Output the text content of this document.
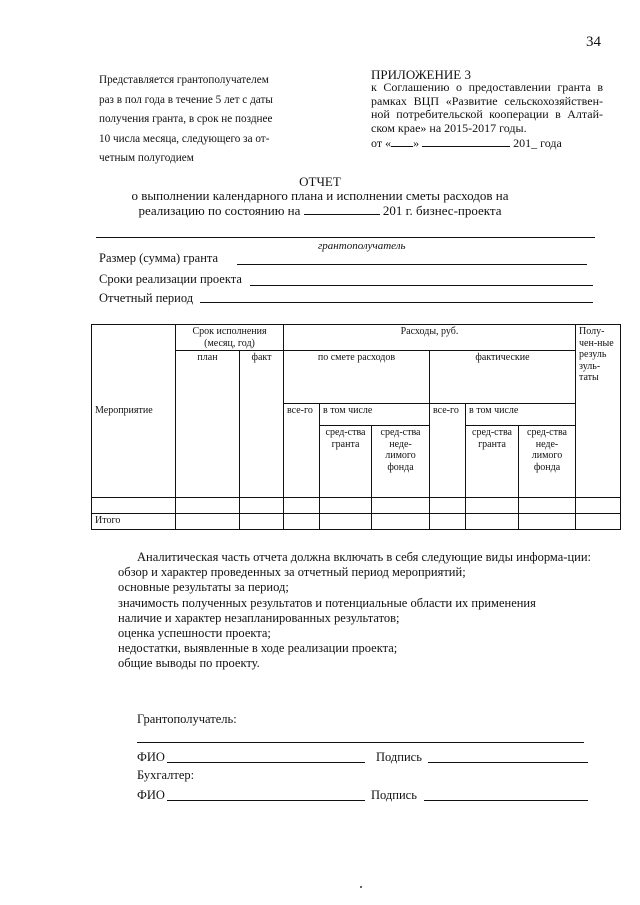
34
Представляется грантополучателем
раз в пол года в течение 5 лет с даты
получения гранта, в срок не позднее
10 числа месяца, следующего за от-
четным полугодием
ПРИЛОЖЕНИЕ 3
к Соглашению о предоставлении гранта в рамках ВЦП «Развитие сельскохозяйствен-ной потребительской кооперации в Алтай-ском крае» на 2015-2017 годы.
от « »	201_ года
ОТЧЕТ
о выполнении календарного плана и исполнении сметы расходов на
реализацию по состоянию на	201 г. бизнес-проекта
грантополучатель
Размер (сумма) гранта
Сроки реализации проекта
Отчетный период
Мероприятие	Срок исполнения (месяц, год)		Расходы, руб.						Полу-чен-ные резуль зуль-таты
	план	факт	по смете расходов			фактические			
			все-го	в том числе		все-го	в том числе		
				сред-ства гранта	сред-ства неде-лимого фонда		сред-ства гранта	сред-ства неде-лимого фонда	

Итого									
Аналитическая часть отчета должна включать в себя следующие виды информа-ции:
обзор и характер проведенных за отчетный период мероприятий;
основные результаты за период;
значимость полученных результатов и потенциальные области их применения
наличие и характер незапланированных результатов;
оценка успешности проекта;
недостатки, выявленные в ходе реализации проекта;
общие выводы по проекту.
Грантополучатель:
ФИО	Подпись
Бухгалтер:
ФИО	Подпись
